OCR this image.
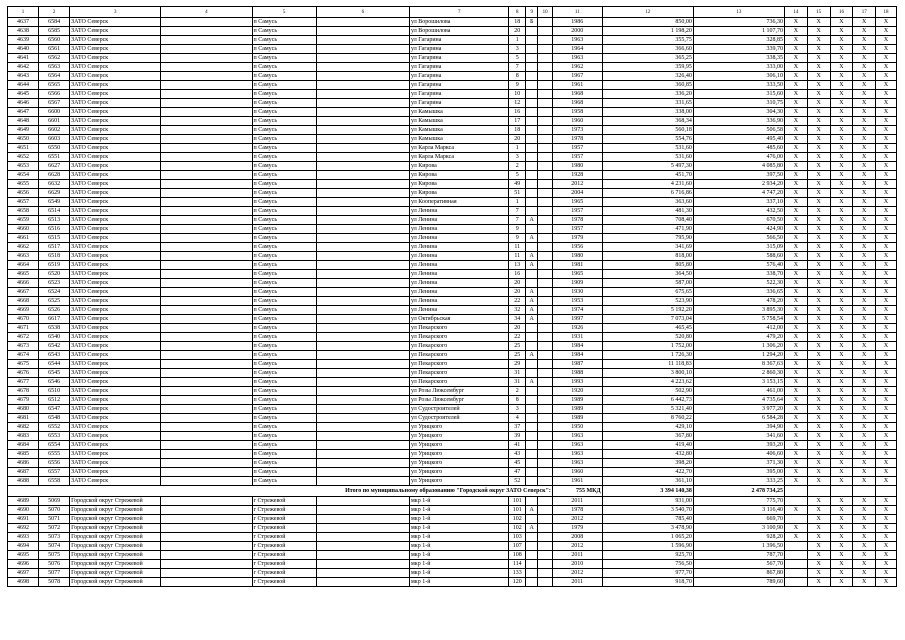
1	2	3	4	5	6	7	8	9	10	11	12	13	14	15	16	17	18
4637	6584	ЗАТО Северск		п Самусь		ул Ворошилова	18	Б		1986	850,00	736,30	X	X	X	X	X
4638	6585	ЗАТО Северск		п Самусь		ул Ворошилова	20			2000	1 198,20	1 107,70	X	X	X	X	X
4639	6560	ЗАТО Северск		п Самусь		ул Гагарина	1			1963	355,75	328,85	X	X	X	X	X
4640	6561	ЗАТО Северск		п Самусь		ул Гагарина	3			1964	366,60	339,70	X	X	X	X	X
4641	6562	ЗАТО Северск		п Самусь		ул Гагарина	5			1963	365,25	338,35	X	X	X	X	X
4642	6563	ЗАТО Северск		п Самусь		ул Гагарина	7			1962	359,95	333,00	X	X	X	X	X
4643	6564	ЗАТО Северск		п Самусь		ул Гагарина	8			1967	326,40	306,10	X	X	X	X	X
4644	6565	ЗАТО Северск		п Самусь		ул Гагарина	9			1961	360,85	333,50	X	X	X	X	X
4645	6566	ЗАТО Северск		п Самусь		ул Гагарина	10			1968	336,20	315,60	X	X	X	X	X
4646	6567	ЗАТО Северск		п Самусь		ул Гагарина	12			1968	331,65	310,75	X	X	X	X	X
4647	6600	ЗАТО Северск		п Самусь		ул Камышка	16			1958	338,00	304,30	X	X	X	X	X
4648	6601	ЗАТО Северск		п Самусь		ул Камышка	17			1960	368,34	336,90	X	X	X	X	X
4649	6602	ЗАТО Северск		п Самусь		ул Камышка	18			1973	560,18	506,58	X	X	X	X	X
4650	6603	ЗАТО Северск		п Самусь		ул Камышка	20			1978	554,76	495,40	X	X	X	X	X
4651	6550	ЗАТО Северск		п Самусь		ул Карла Маркса	1			1957	531,60	485,60	X	X	X	X	X
4652	6551	ЗАТО Северск		п Самусь		ул Карла Маркса	3			1957	531,60	476,00	X	X	X	X	X
4653	6627	ЗАТО Северск		п Самусь		ул Кирова	2			1980	5 497,30	4 085,80	X	X	X	X	X
4654	6628	ЗАТО Северск		п Самусь		ул Кирова	5			1928	451,70	397,50	X	X	X	X	X
4655	6632	ЗАТО Северск		п Самусь		ул Кирова	49			2012	4 231,60	2 934,20	X	X	X	X	X
4656	6629	ЗАТО Северск		п Самусь		ул Кирова	51			2004	6 716,86	4 747,20	X	X	X	X	X
4657	6549	ЗАТО Северск		п Самусь		ул Кооперативная	1			1965	363,60	337,10	X	X	X	X	X
4658	6514	ЗАТО Северск		п Самусь		ул Ленина	7			1957	481,30	432,50	X	X	X	X	X
4659	6513	ЗАТО Северск		п Самусь		ул Ленина	7	А		1978	708,40	670,50	X	X	X	X	X
4660	6516	ЗАТО Северск		п Самусь		ул Ленина	9			1957	471,90	424,90	X	X	X	X	X
4661	6515	ЗАТО Северск		п Самусь		ул Ленина	9	А		1979	795,90	566,50	X	X	X	X	X
4662	6517	ЗАТО Северск		п Самусь		ул Ленина	11			1956	341,69	315,09	X	X	X	X	X
4663	6518	ЗАТО Северск		п Самусь		ул Ленина	11	А		1980	818,00	588,60	X	X	X	X	X
4664	6519	ЗАТО Северск		п Самусь		ул Ленина	13	А		1981	805,80	576,40	X	X	X	X	X
4665	6520	ЗАТО Северск		п Самусь		ул Ленина	16			1965	364,50	338,70	X	X	X	X	X
4666	6523	ЗАТО Северск		п Самусь		ул Ленина	20			1909	587,00	522,30	X	X	X	X	X
4667	6524	ЗАТО Северск		п Самусь		ул Ленина	20	А		1930	675,65	336,65	X	X	X	X	X
4668	6525	ЗАТО Северск		п Самусь		ул Ленина	22	А		1953	523,90	478,20	X	X	X	X	X
4669	6526	ЗАТО Северск		п Самусь		ул Ленина	32	А		1974	5 192,20	3 895,30	X	X	X	X	X
4670	6617	ЗАТО Северск		п Самусь		ул Октябрьская	34	А		1997	7 073,04	5 758,54	X	X	X	X	X
4671	6538	ЗАТО Северск		п Самусь		ул Пекарского	20			1926	465,45	412,00	X	X	X	X	X
4672	6540	ЗАТО Северск		п Самусь		ул Пекарского	22			1931	520,80	479,20	X	X	X	X	X
4673	6542	ЗАТО Северск		п Самусь		ул Пекарского	25			1984	1 752,00	1 306,20	X	X	X	X	X
4674	6543	ЗАТО Северск		п Самусь		ул Пекарского	25	А		1984	1 726,30	1 294,20	X	X	X	X	X
4675	6544	ЗАТО Северск		п Самусь		ул Пекарского	29			1987	11 118,83	8 367,63	X	X	X	X	X
4676	6545	ЗАТО Северск		п Самусь		ул Пекарского	31			1988	3 800,10	2 860,30	X	X	X	X	X
4677	6546	ЗАТО Северск		п Самусь		ул Пекарского	31	А		1993	4 223,62	3 153,15	X	X	X	X	X
4678	6510	ЗАТО Северск		п Самусь		ул Розы Люксембург	2			1920	502,90	461,00	X	X	X	X	X
4679	6512	ЗАТО Северск		п Самусь		ул Розы Люксембург	8			1989	6 442,73	4 735,64	X	X	X	X	X
4680	6547	ЗАТО Северск		п Самусь		ул Судостроителей	3			1989	5 321,40	3 977,20	X	X	X	X	X
4681	6548	ЗАТО Северск		п Самусь		ул Судостроителей	4			1989	8 760,22	6 584,28	X	X	X	X	X
4682	6552	ЗАТО Северск		п Самусь		ул Урицкого	37			1950	429,10	394,90	X	X	X	X	X
4683	6553	ЗАТО Северск		п Самусь		ул Урицкого	39			1963	367,80	341,60	X	X	X	X	X
4684	6554	ЗАТО Северск		п Самусь		ул Урицкого	41			1963	419,40	393,20	X	X	X	X	X
4685	6555	ЗАТО Северск		п Самусь		ул Урицкого	43			1963	432,80	406,60	X	X	X	X	X
4686	6556	ЗАТО Северск		п Самусь		ул Урицкого	45			1963	398,20	371,30	X	X	X	X	X
4687	6557	ЗАТО Северск		п Самусь		ул Урицкого	47			1960	422,70	395,00	X	X	X	X	X
4688	6558	ЗАТО Северск		п Самусь		ул Урицкого	52			1961	361,10	333,25	X	X	X	X	X
Итого по муниципальному образованию "Городской округ ЗАТО Северск":										755 МКД	3 394 140,38	2 478 734,25					
4689	5069	Городской округ Стрежевой		г Стрежевой		мкр 1-й	101			2011	931,00	775,70		X	X	X	X
4690	5070	Городской округ Стрежевой		г Стрежевой		мкр 1-й	101	А		1978	3 540,70	3 116,40	X	X	X	X	X
4691	5071	Городской округ Стрежевой		г Стрежевой		мкр 1-й	102			2012	785,40	669,70		X	X	X	X
4692	5072	Городской округ Стрежевой		г Стрежевой		мкр 1-й	102	А		1979	3 478,90	3 100,90	X	X	X	X	X
4693	5073	Городской округ Стрежевой		г Стрежевой		мкр 1-й	103			2008	1 065,20	928,20	X	X	X	X	X
4694	5074	Городской округ Стрежевой		г Стрежевой		мкр 1-й	107			2012	1 596,90	1 396,50		X	X	X	X
4695	5075	Городской округ Стрежевой		г Стрежевой		мкр 1-й	108			2011	925,70	787,70		X	X	X	X
4696	5076	Городской округ Стрежевой		г Стрежевой		мкр 1-й	114			2010	756,50	567,70		X	X	X	X
4697	5077	Городской округ Стрежевой		г Стрежевой		мкр 1-й	133			2012	977,70	867,80		X	X	X	X
4698	5078	Городской округ Стрежевой		г Стрежевой		мкр 1-й	120			2011	918,70	789,60		X	X	X	X
